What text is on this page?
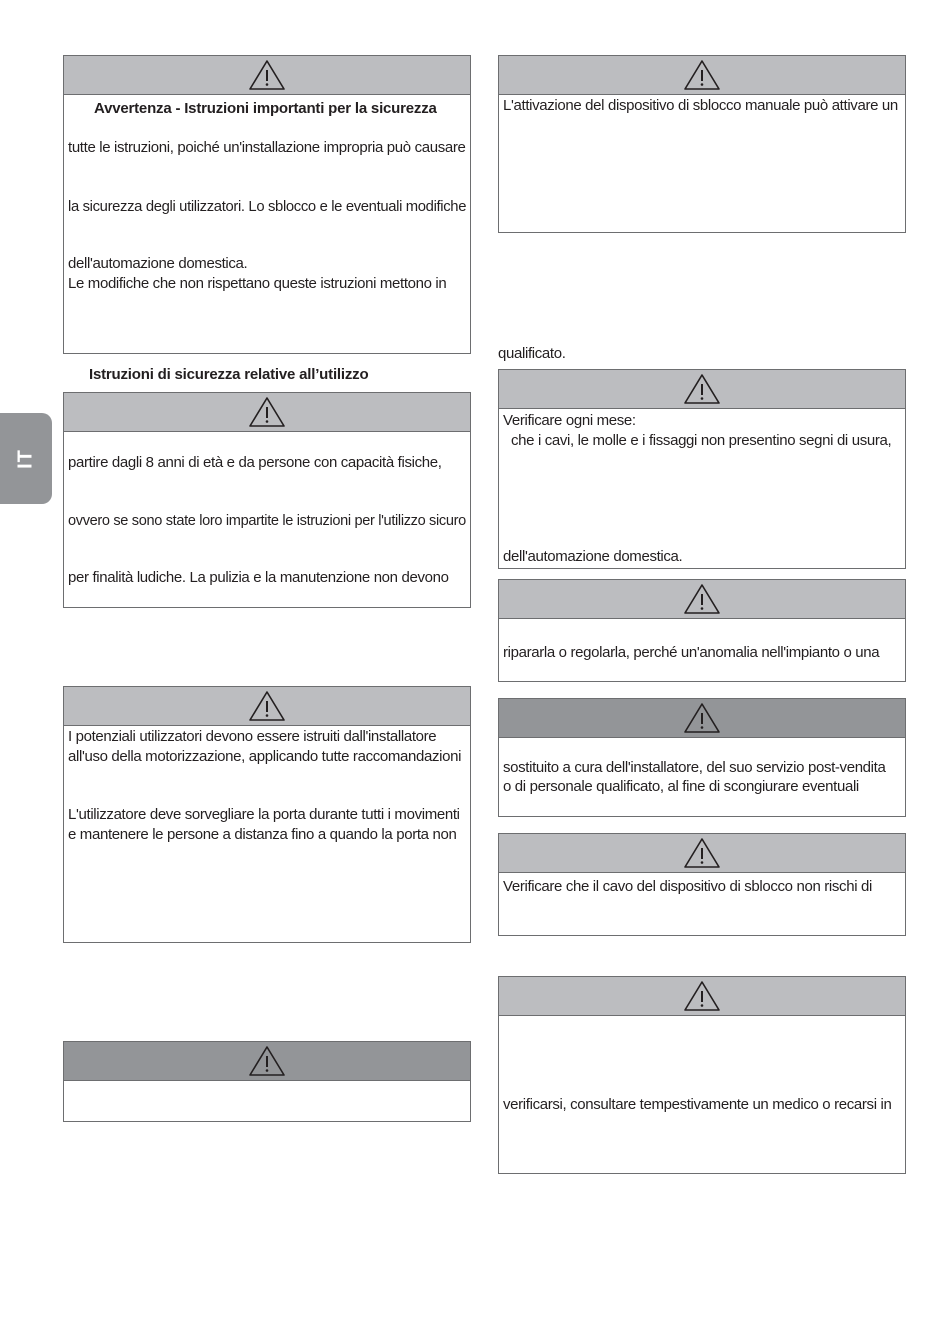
IT
Avvertenza - Istruzioni importanti per la sicurezza
tutte le istruzioni, poiché un'installazione impropria può causare
la sicurezza degli utilizzatori. Lo sblocco e le eventuali modifiche
dell'automazione domestica.
Le modifiche che non rispettano queste istruzioni mettono in
Istruzioni di sicurezza relative all’utilizzo
partire dagli 8 anni di età e da persone con capacità fisiche,
ovvero se sono state loro impartite le istruzioni per l'utilizzo sicuro
per finalità ludiche. La pulizia e la manutenzione non devono
I potenziali utilizzatori devono essere istruiti dall'installatore
all'uso della motorizzazione, applicando tutte raccomandazioni
L'utilizzatore deve sorvegliare la porta durante tutti i movimenti
e mantenere le persone a distanza fino a quando la porta non
L'attivazione del dispositivo di sblocco manuale può attivare un
qualificato.
Verificare ogni mese:
che i cavi, le molle e i fissaggi non presentino segni di usura,
dell'automazione domestica.
ripararla o regolarla, perché un'anomalia nell'impianto o una
sostituito a cura dell'installatore, del suo servizio post-vendita
o di personale qualificato, al fine di scongiurare eventuali
Verificare che il cavo del dispositivo di sblocco non rischi di
verificarsi, consultare tempestivamente un medico o recarsi in
